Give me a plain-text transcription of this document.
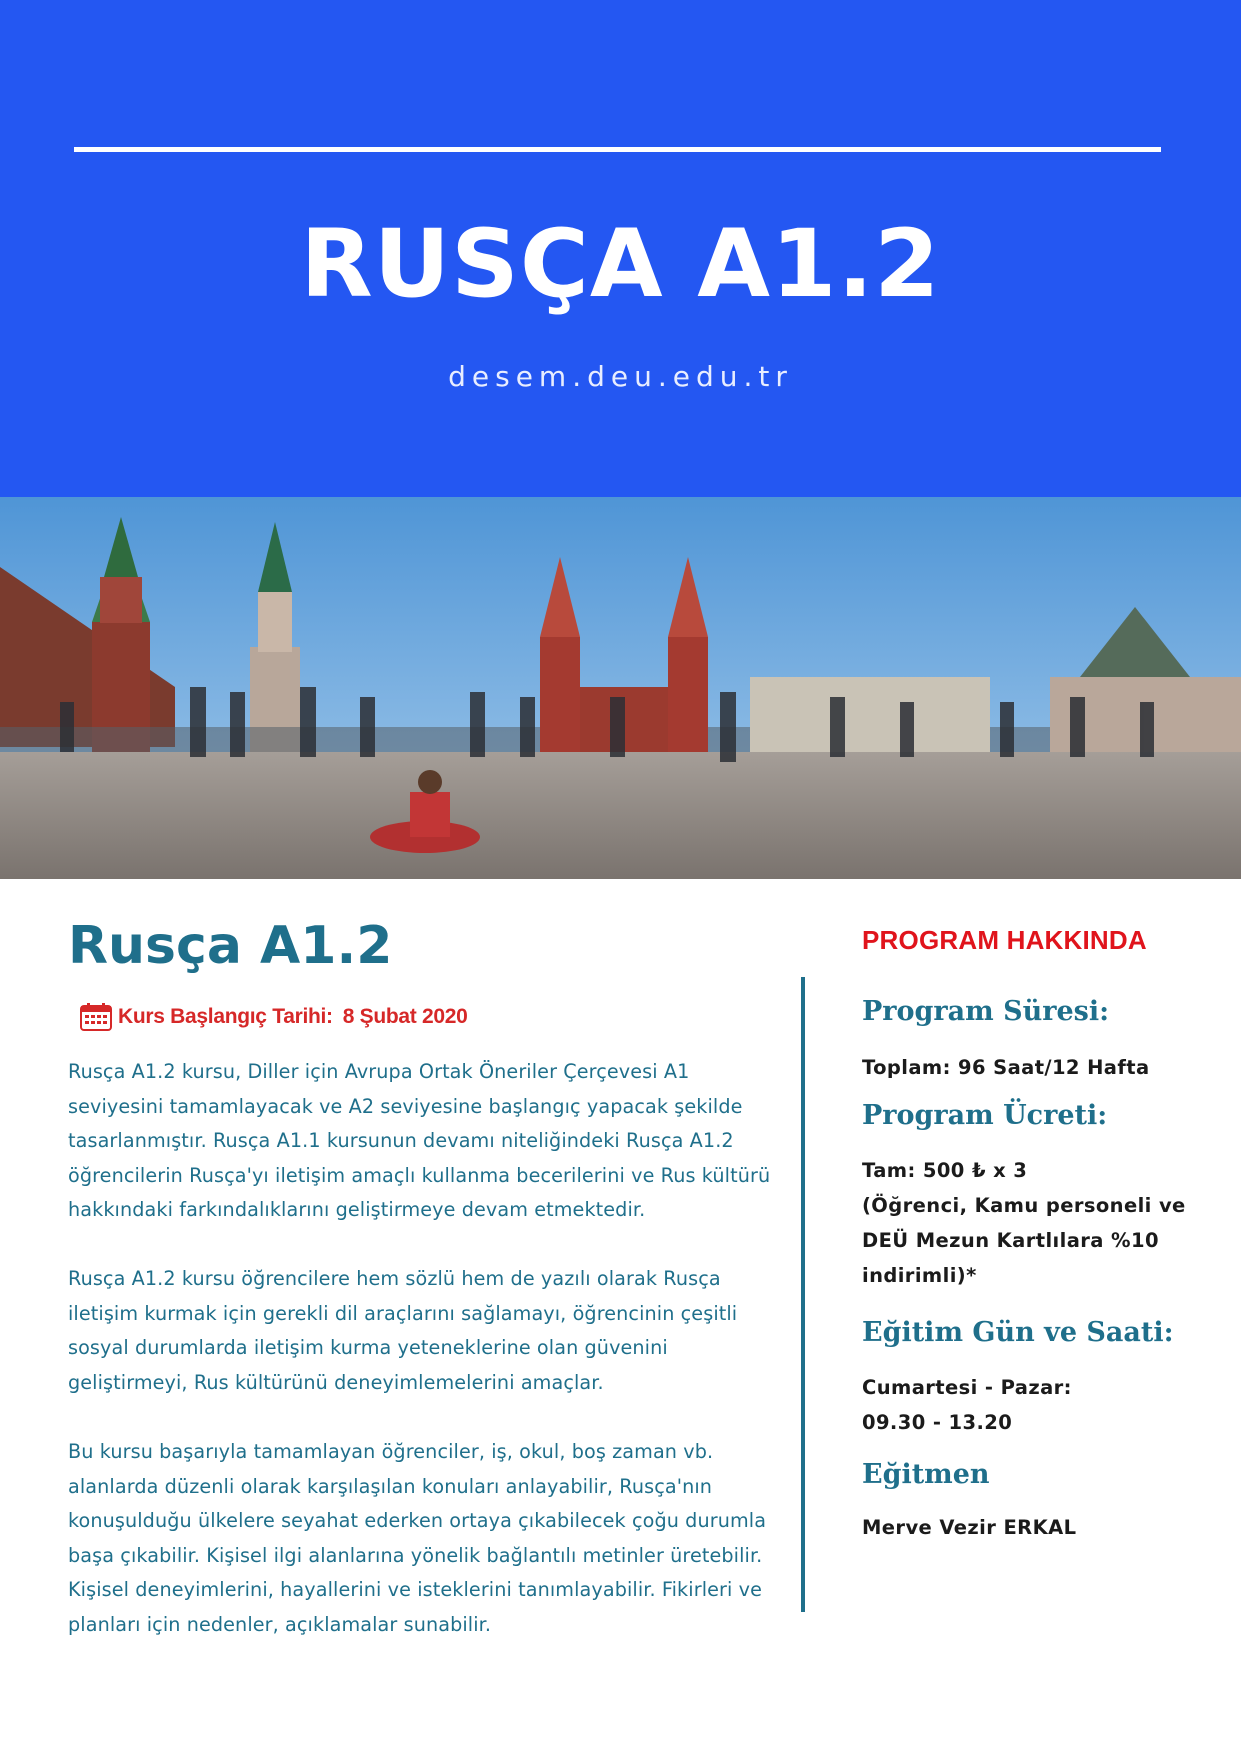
RUSÇA A1.2
desem.deu.edu.tr
Rusça A1.2
Kurs Başlangıç Tarihi: 8 Şubat 2020

Rusça A1.2 kursu, Diller için Avrupa Ortak Öneriler Çerçevesi A1 seviyesini tamamlayacak ve A2 seviyesine başlangıç yapacak şekilde tasarlanmıştır. Rusça A1.1 kursunun devamı niteliğindeki Rusça A1.2 öğrencilerin Rusça'yı iletişim amaçlı kullanma becerilerini ve Rus kültürü hakkındaki farkındalıklarını geliştirmeye devam etmektedir.

Rusça A1.2 kursu öğrencilere hem sözlü hem de yazılı olarak Rusça iletişim kurmak için gerekli dil araçlarını sağlamayı, öğrencinin çeşitli sosyal durumlarda iletişim kurma yeteneklerine olan güvenini geliştirmeyi, Rus kültürünü deneyimlemelerini amaçlar.

Bu kursu başarıyla tamamlayan öğrenciler, iş, okul, boş zaman vb. alanlarda düzenli olarak karşılaşılan konuları anlayabilir, Rusça'nın konuşulduğu ülkelere seyahat ederken ortaya çıkabilecek çoğu durumla başa çıkabilir. Kişisel ilgi alanlarına yönelik bağlantılı metinler üretebilir. Kişisel deneyimlerini, hayallerini ve isteklerini tanımlayabilir. Fikirleri ve planları için nedenler, açıklamalar sunabilir.

PROGRAM HAKKINDA
Program Süresi:
Toplam: 96 Saat/12 Hafta
Program Ücreti:
Tam: 500 ₺ x 3
(Öğrenci, Kamu personeli ve
DEÜ Mezun Kartlılara %10
indirimli)*
Eğitim Gün ve Saati:
Cumartesi - Pazar:
09.30 - 13.20
Eğitmen
Merve Vezir ERKAL
